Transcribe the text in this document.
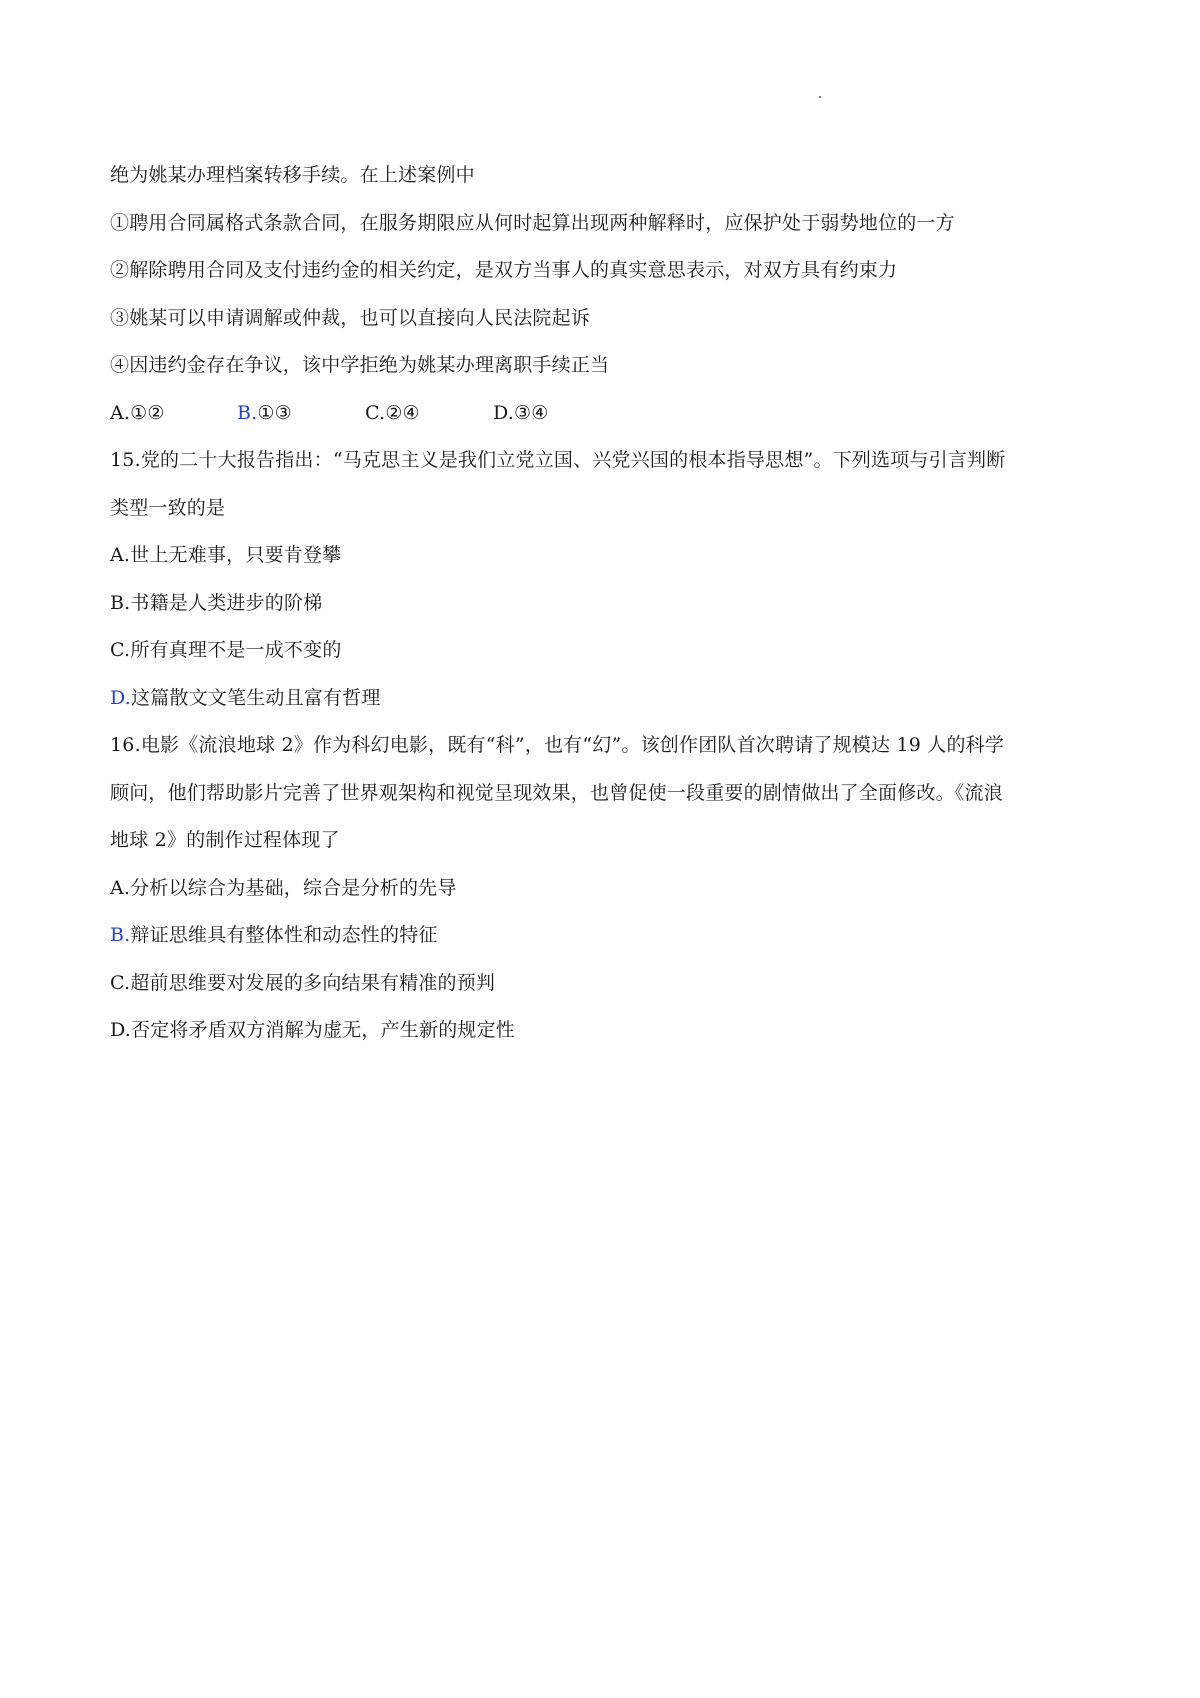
绝为姚某办理档案转移手续。在上述案例中
①聘用合同属格式条款合同，在服务期限应从何时起算出现两种解释时，应保护处于弱势地位的一方
②解除聘用合同及支付违约金的相关约定，是双方当事人的真实意思表示，对双方具有约束力
③姚某可以申请调解或仲裁，也可以直接向人民法院起诉
④因违约金存在争议，该中学拒绝为姚某办理离职手续正当
A.①②	B.①③	C.②④	D.③④
15.党的二十大报告指出：“马克思主义是我们立党立国、兴党兴国的根本指导思想”。下列选项与引言判断
类型一致的是
A.世上无难事，只要肯登攀
B.书籍是人类进步的阶梯
C.所有真理不是一成不变的
D.这篇散文文笔生动且富有哲理
16.电影《流浪地球 2》作为科幻电影，既有“科”，也有“幻”。该创作团队首次聘请了规模达 19 人的科学
顾问，他们帮助影片完善了世界观架构和视觉呈现效果，也曾促使一段重要的剧情做出了全面修改。《流浪
地球 2》的制作过程体现了
A.分析以综合为基础，综合是分析的先导
B.辩证思维具有整体性和动态性的特征
C.超前思维要对发展的多向结果有精准的预判
D.否定将矛盾双方消解为虚无，产生新的规定性
